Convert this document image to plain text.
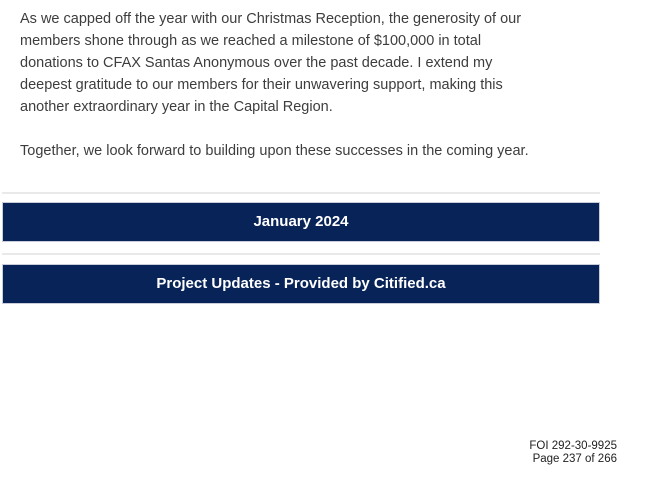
As we capped off the year with our Christmas Reception, the generosity of our
members shone through as we reached a milestone of $100,000 in total
donations to CFAX Santas Anonymous over the past decade. I extend my
deepest gratitude to our members for their unwavering support, making this
another extraordinary year in the Capital Region.
Together, we look forward to building upon these successes in the coming year.
January 2024
Project Updates - Provided by Citified.ca
FOI 292-30-9925
Page 237 of 266
